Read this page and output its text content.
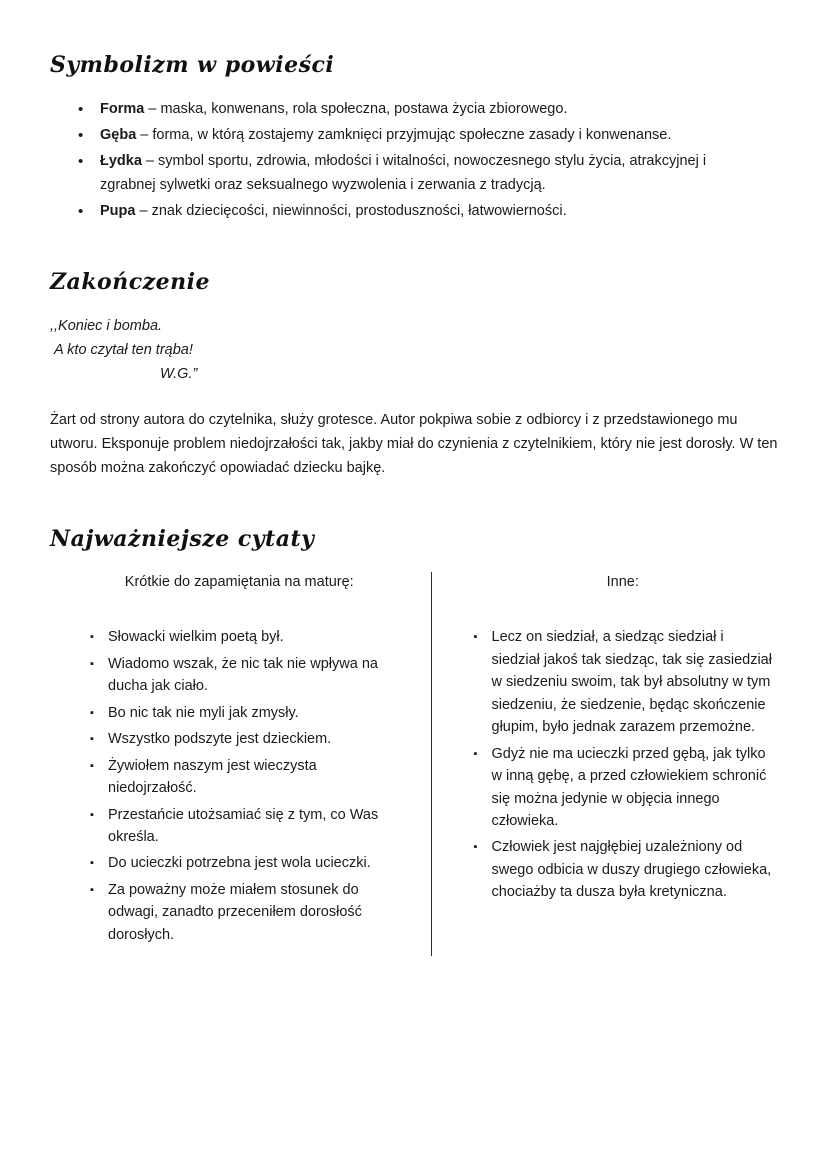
Symbolizm w powieści
• Forma – maska, konwenans, rola społeczna, postawa życia zbiorowego.
• Gęba – forma, w którą zostajemy zamknięci przyjmując społeczne zasady i konwenanse.
• Łydka – symbol sportu, zdrowia, młodości i witalności, nowoczesnego stylu życia, atrakcyjnej i zgrabnej sylwetki oraz seksualnego wyzwolenia i zerwania z tradycją.
• Pupa – znak dziecięcości, niewinności, prostoduszności, łatwowierności.
Zakończenie
,,Koniec i bomba.
A kto czytał ten trąba!
W.G.”

Żart od strony autora do czytelnika, służy grotesce. Autor pokpiwa sobie z odbiorcy i z przedstawionego mu utworu. Eksponuje problem niedojrzałości tak, jakby miał do czynienia z czytelnikiem, który nie jest dorosły. W ten sposób można zakończyć opowiadać dziecku bajkę.

Najważniejsze cytaty
Krótkie do zapamiętania na maturę:
▪ Słowacki wielkim poetą był.
▪ Wiadomo wszak, że nic tak nie wpływa na ducha jak ciało.
▪ Bo nic tak nie myli jak zmysły.
▪ Wszystko podszyte jest dzieckiem.
▪ Żywiołem naszym jest wieczysta niedojrzałość.
▪ Przestańcie utożsamiać się z tym, co Was określa.
▪ Do ucieczki potrzebna jest wola ucieczki.
▪ Za poważny może miałem stosunek do odwagi, zanadto przeceniłem dorosłość dorosłych.
Inne:
▪ Lecz on siedział, a siedząc siedział i siedział jakoś tak siedząc, tak się zasiedział w siedzeniu swoim, tak był absolutny w tym siedzeniu, że siedzenie, będąc skończenie głupim, było jednak zarazem przemożne.
▪ Gdyż nie ma ucieczki przed gębą, jak tylko w inną gębę, a przed człowiekiem schronić się można jedynie w objęcia innego człowieka.
▪ Człowiek jest najgłębiej uzależniony od swego odbicia w duszy drugiego człowieka, chociażby ta dusza była kretyniczna.
